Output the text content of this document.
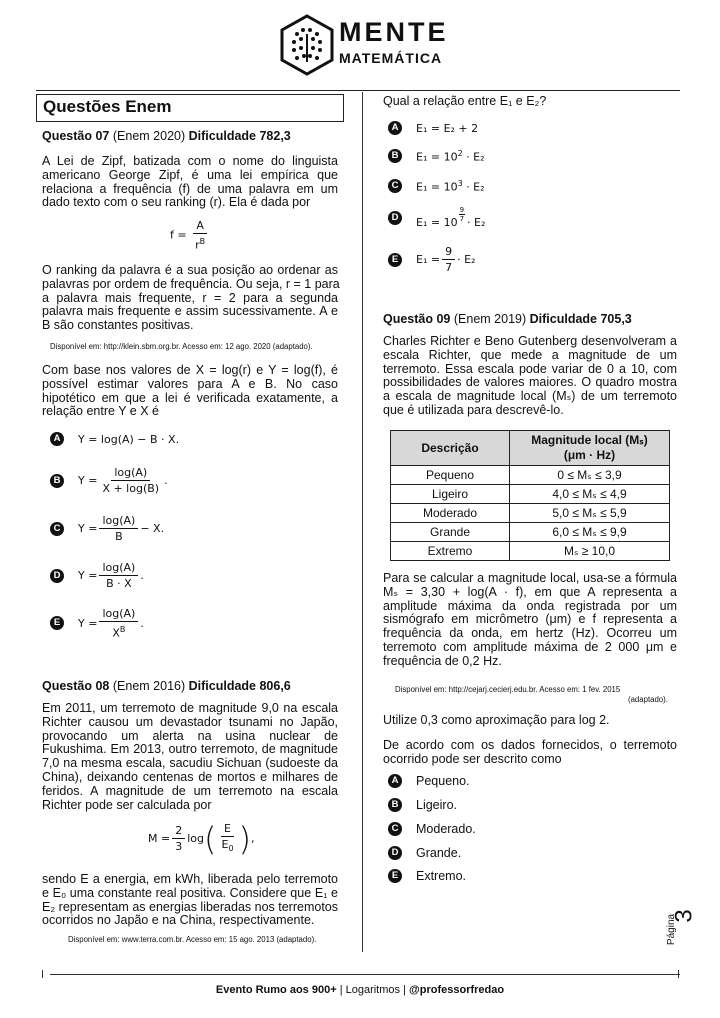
MENTE
MATEMÁTICA
Questões Enem
Questão 07 (Enem 2020) Dificuldade 782,3
A Lei de Zipf, batizada com o nome do linguista
americano George Zipf, é uma lei empírica que
relaciona a frequência (f) de uma palavra em um
dado texto com o seu ranking (r). Ela é dada por
$f = \frac{A}{r^B}$
O ranking da palavra é a sua posição ao ordenar as
palavras por ordem de frequência. Ou seja, r = 1 para
a palavra mais frequente, r = 2 para a segunda
palavra mais frequente e assim sucessivamente. A e
B são constantes positivas.
Disponível em: http://klein.sbm.org.br. Acesso em: 12 ago. 2020 (adaptado).
Com base nos valores de X = log(r) e Y = log(f), é
possível estimar valores para A e B. No caso
hipotético em que a lei é verificada exatamente, a
relação entre Y e X é
A	Y = log(A) − B · X.
B	$Y = \frac{\log(A)}{X + \log(B)}$ .
C	$Y = \frac{\log(A)}{B} - X$.
D	$Y = \frac{\log(A)}{B \cdot X}$ .
E	$Y = \frac{\log(A)}{X^B}$ .
Questão 08 (Enem 2016) Dificuldade 806,6
Em 2011, um terremoto de magnitude 9,0 na escala
Richter causou um devastador tsunami no Japão,
provocando um alerta na usina nuclear de
Fukushima. Em 2013, outro terremoto, de magnitude
7,0 na mesma escala, sacudiu Sichuan (sudoeste da
China), deixando centenas de mortos e milhares de
feridos. A magnitude de um terremoto na escala
Richter pode ser calculada por
$M = \frac{2}{3}$ log ( $\frac{E}{E_0}$ ) ,
sendo E a energia, em kWh, liberada pelo terremoto
e E₀ uma constante real positiva. Considere que E₁ e
E₂ representam as energias liberadas nos terremotos
ocorridos no Japão e na China, respectivamente.
Disponível em: www.terra.com.br. Acesso em: 15 ago. 2013 (adaptado).
Qual a relação entre E₁ e E₂?
A	E₁ = E₂ + 2
B	$E_1 = 10^2 \cdot E_2$
C	$E_1 = 10^3 \cdot E_2$
D	$E_1 = 10 \frac{9}{7} \cdot E_2$
E	$E_1 = \frac{9}{7} \cdot E_2$
Questão 09 (Enem 2019) Dificuldade 705,3
Charles Richter e Beno Gutenberg desenvolveram a
escala Richter, que mede a magnitude de um
terremoto. Essa escala pode variar de 0 a 10, com
possibilidades de valores maiores. O quadro mostra
a escala de magnitude local (Mₛ) de um terremoto
que é utilizada para descrevê-lo.
Descrição	Magnitude local (Mₛ)
(μm · Hz)

Pequeno	0 ≤ Mₛ ≤ 3,9
Ligeiro	4,0 ≤ Mₛ ≤ 4,9
Moderado	5,0 ≤ Mₛ ≤ 5,9
Grande	6,0 ≤ Mₛ ≤ 9,9
Extremo	Mₛ ≥ 10,0
Para se calcular a magnitude local, usa-se a fórmula
Mₛ = 3,30 + log(A · f), em que A representa a
amplitude máxima da onda registrada por um
sismógrafo em micrômetro (μm) e f representa a
frequência da onda, em hertz (Hz). Ocorreu um
terremoto com amplitude máxima de 2 000 μm e
frequência de 0,2 Hz.
Disponível em: http://cejarj.cecierj.edu.br. Acesso em: 1 fev. 2015
(adaptado).
Utilize 0,3 como aproximação para log 2.
De acordo com os dados fornecidos, o terremoto
ocorrido pode ser descrito como
A Pequeno.
B Ligeiro.
C Moderado.
D Grande.
E	Extremo.
Página
3
Evento Rumo aos 900+ | Logaritmos | @professorfredao
